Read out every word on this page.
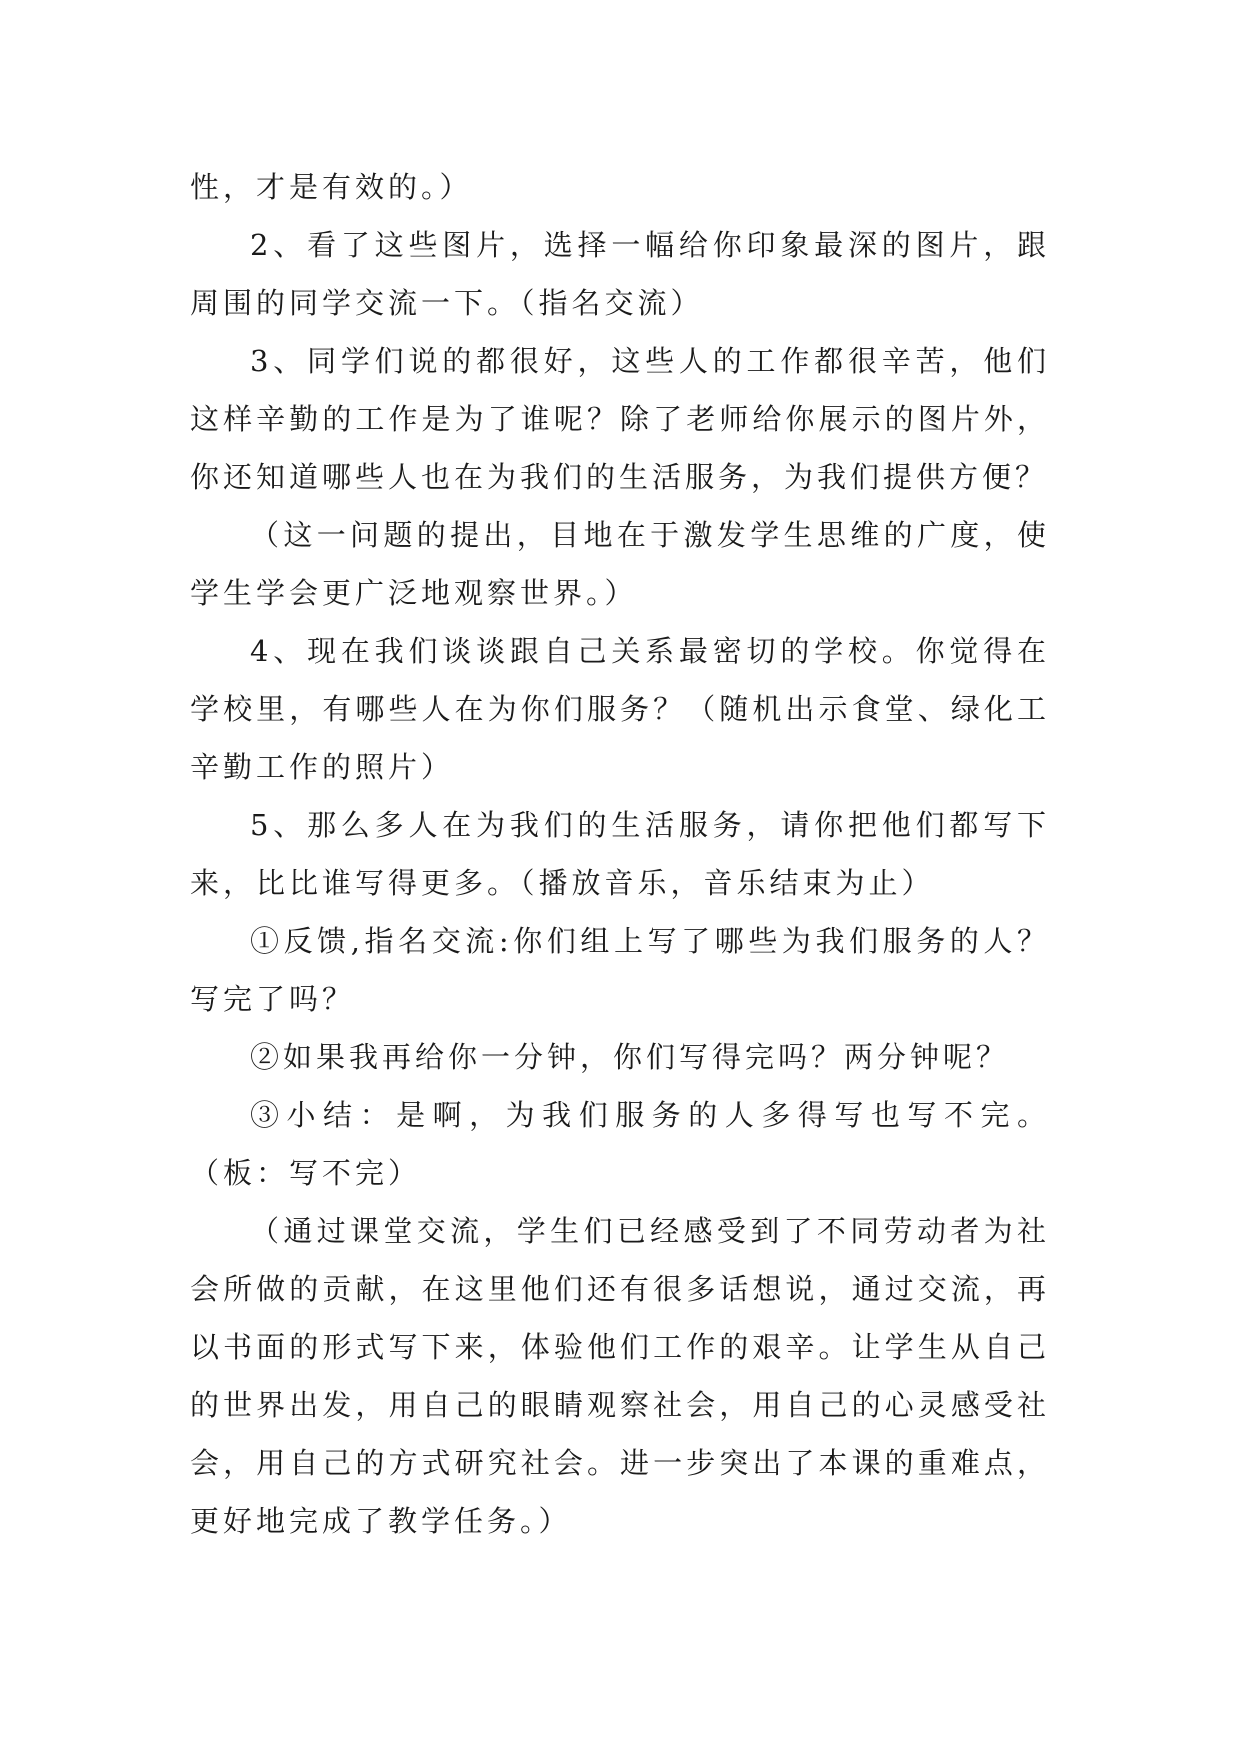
性，才是有效的。）

2、看了这些图片，选择一幅给你印象最深的图片，跟周围的同学交流一下。（指名交流）

3、同学们说的都很好，这些人的工作都很辛苦，他们这样辛勤的工作是为了谁呢？除了老师给你展示的图片外，你还知道哪些人也在为我们的生活服务，为我们提供方便？

（这一问题的提出，目地在于激发学生思维的广度，使学生学会更广泛地观察世界。）

4、现在我们谈谈跟自己关系最密切的学校。你觉得在学校里，有哪些人在为你们服务？（随机出示食堂、绿化工辛勤工作的照片）

5、那么多人在为我们的生活服务，请你把他们都写下来，比比谁写得更多。（播放音乐，音乐结束为止）

①反馈,指名交流:你们组上写了哪些为我们服务的人？写完了吗？

②如果我再给你一分钟，你们写得完吗？两分钟呢？

③小结：是啊，为我们服务的人多得写也写不完。（板：写不完）

（通过课堂交流，学生们已经感受到了不同劳动者为社会所做的贡献，在这里他们还有很多话想说，通过交流，再以书面的形式写下来，体验他们工作的艰辛。让学生从自己的世界出发，用自己的眼睛观察社会，用自己的心灵感受社会，用自己的方式研究社会。进一步突出了本课的重难点，更好地完成了教学任务。）
